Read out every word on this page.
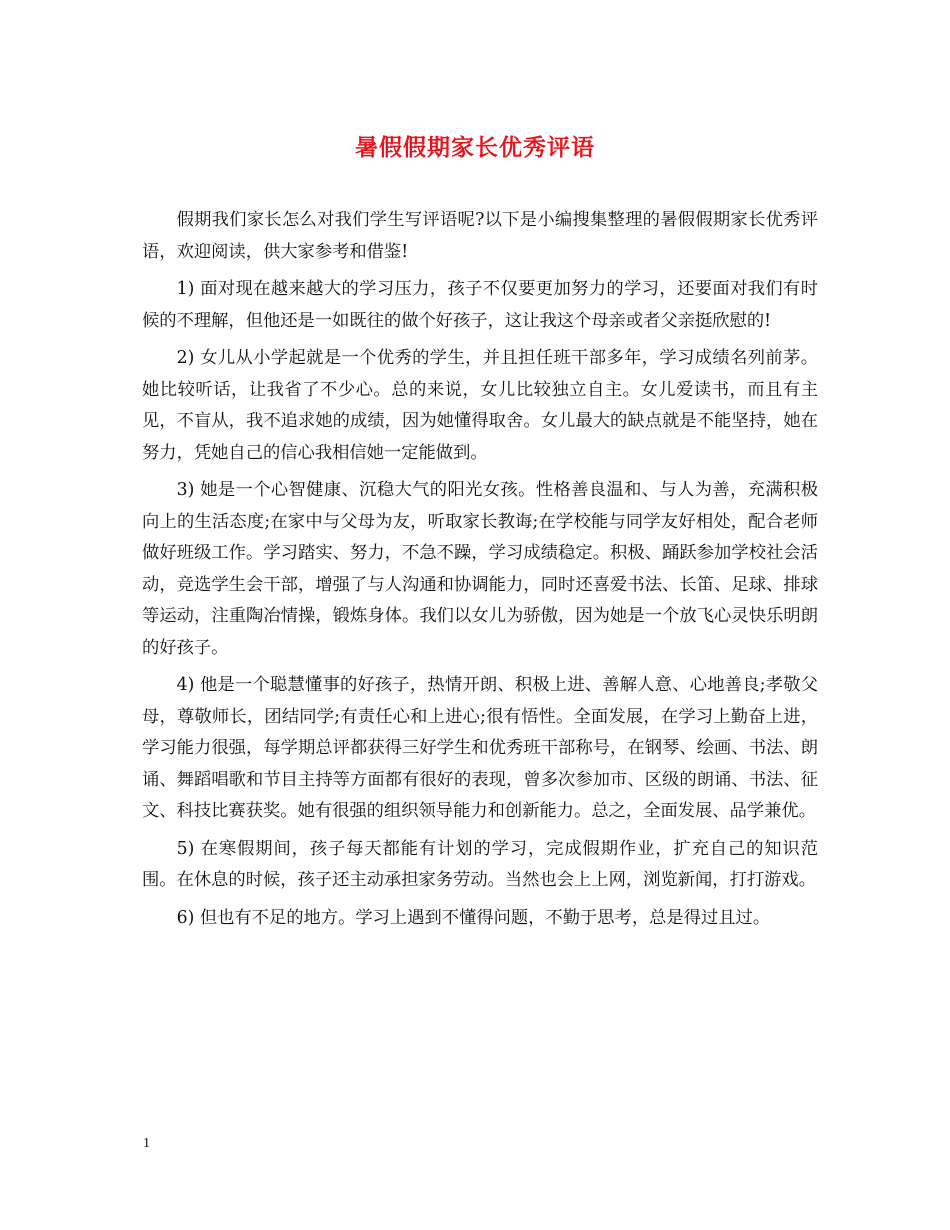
暑假假期家长优秀评语

假期我们家长怎么对我们学生写评语呢?以下是小编搜集整理的暑假假期家长优秀评语，欢迎阅读，供大家参考和借鉴!

1) 面对现在越来越大的学习压力，孩子不仅要更加努力的学习，还要面对我们有时候的不理解，但他还是一如既往的做个好孩子，这让我这个母亲或者父亲挺欣慰的!

2) 女儿从小学起就是一个优秀的学生，并且担任班干部多年，学习成绩名列前茅。她比较听话，让我省了不少心。总的来说，女儿比较独立自主。女儿爱读书，而且有主见，不盲从，我不追求她的成绩，因为她懂得取舍。女儿最大的缺点就是不能坚持，她在努力，凭她自己的信心我相信她一定能做到。

3) 她是一个心智健康、沉稳大气的阳光女孩。性格善良温和、与人为善，充满积极向上的生活态度;在家中与父母为友，听取家长教诲;在学校能与同学友好相处，配合老师做好班级工作。学习踏实、努力，不急不躁，学习成绩稳定。积极、踊跃参加学校社会活动，竞选学生会干部，增强了与人沟通和协调能力，同时还喜爱书法、长笛、足球、排球等运动，注重陶冶情操，锻炼身体。我们以女儿为骄傲，因为她是一个放飞心灵快乐明朗的好孩子。

4) 他是一个聪慧懂事的好孩子，热情开朗、积极上进、善解人意、心地善良;孝敬父母，尊敬师长，团结同学;有责任心和上进心;很有悟性。全面发展，在学习上勤奋上进，学习能力很强，每学期总评都获得三好学生和优秀班干部称号，在钢琴、绘画、书法、朗诵、舞蹈唱歌和节目主持等方面都有很好的表现，曾多次参加市、区级的朗诵、书法、征文、科技比赛获奖。她有很强的组织领导能力和创新能力。总之，全面发展、品学兼优。

5) 在寒假期间，孩子每天都能有计划的学习，完成假期作业，扩充自己的知识范围。在休息的时候，孩子还主动承担家务劳动。当然也会上上网，浏览新闻，打打游戏。

6) 但也有不足的地方。学习上遇到不懂得问题，不勤于思考，总是得过且过。

1
